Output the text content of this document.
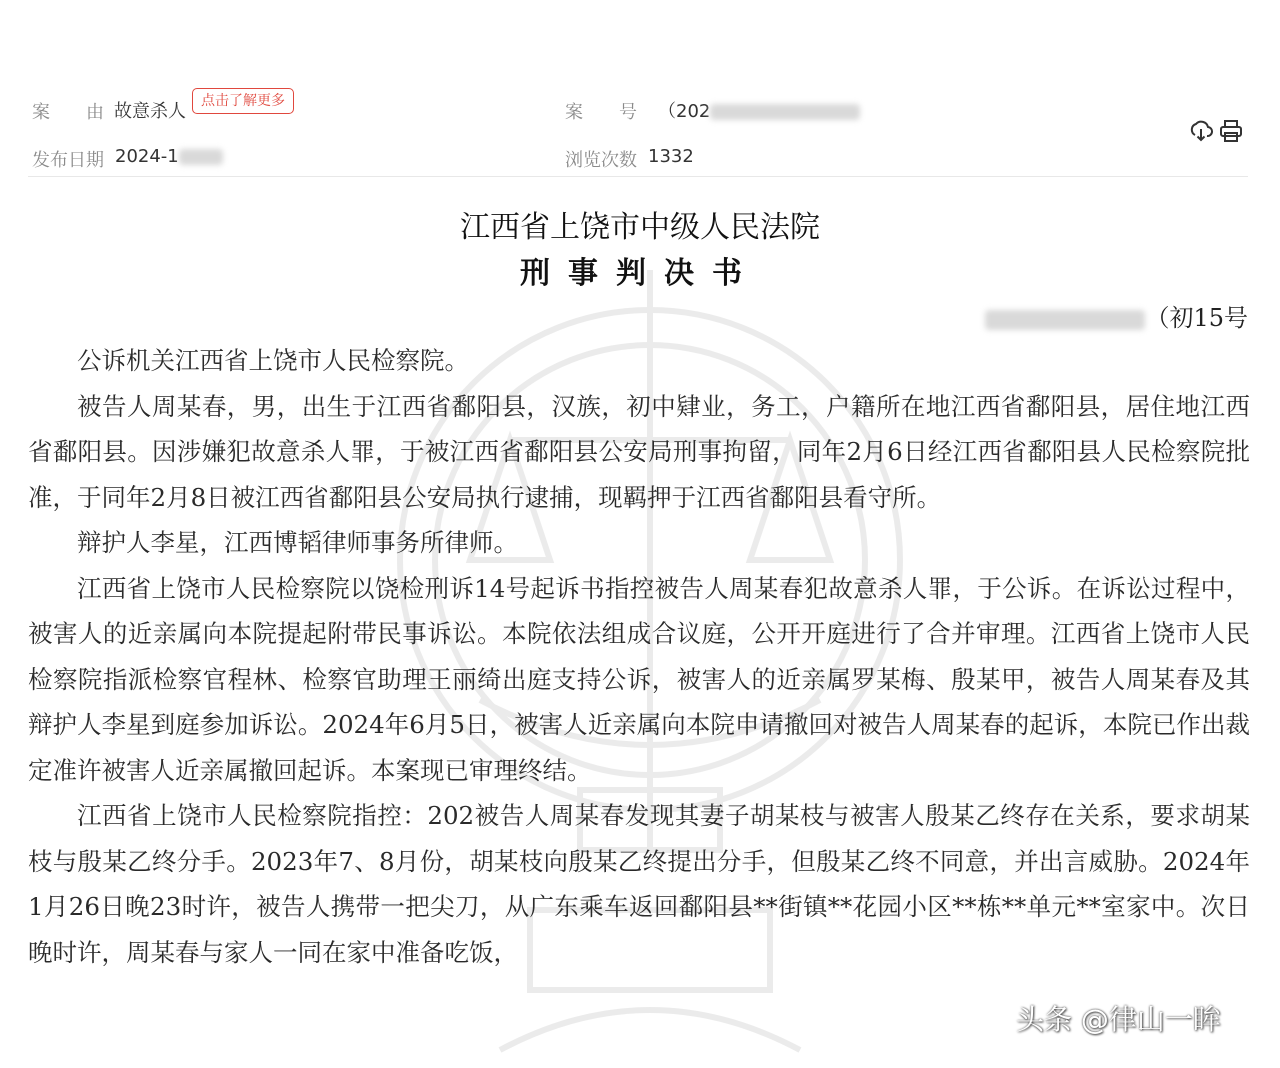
案　　由 故意杀人	点击了解更多
案　　号 （202
发布日期 2024-1	浏览次数 1332
江西省上饶市中级人民法院
刑事判决书
（初15号

公诉机关江西省上饶市人民检察院。

被告人周某春，男，出生于江西省鄱阳县，汉族，初中肄业，务工，户籍所在地江西省鄱阳县，居住地江西省鄱阳县。因涉嫌犯故意杀人罪，于被江西省鄱阳县公安局刑事拘留，同年2月6日经江西省鄱阳县人民检察院批准，于同年2月8日被江西省鄱阳县公安局执行逮捕，现羁押于江西省鄱阳县看守所。

辩护人李星，江西博韬律师事务所律师。

江西省上饶市人民检察院以饶检刑诉14号起诉书指控被告人周某春犯故意杀人罪，于公诉。在诉讼过程中，被害人的近亲属向本院提起附带民事诉讼。本院依法组成合议庭，公开开庭进行了合并审理。江西省上饶市人民检察院指派检察官程林、检察官助理王丽绮出庭支持公诉，被害人的近亲属罗某梅、殷某甲，被告人周某春及其辩护人李星到庭参加诉讼。2024年6月5日，被害人近亲属向本院申请撤回对被告人周某春的起诉，本院已作出裁定准许被害人近亲属撤回起诉。本案现已审理终结。

江西省上饶市人民检察院指控：202被告人周某春发现其妻子胡某枝与被害人殷某乙终存在关系，要求胡某枝与殷某乙终分手。2023年7、8月份，胡某枝向殷某乙终提出分手，但殷某乙终不同意，并出言威胁。2024年1月26日晚23时许，被告人携带一把尖刀，从广东乘车返回鄱阳县**街镇**花园小区**栋**单元**室家中。次日晚时许，周某春与家人一同在家中准备吃饭，

头条 @律山一眸
